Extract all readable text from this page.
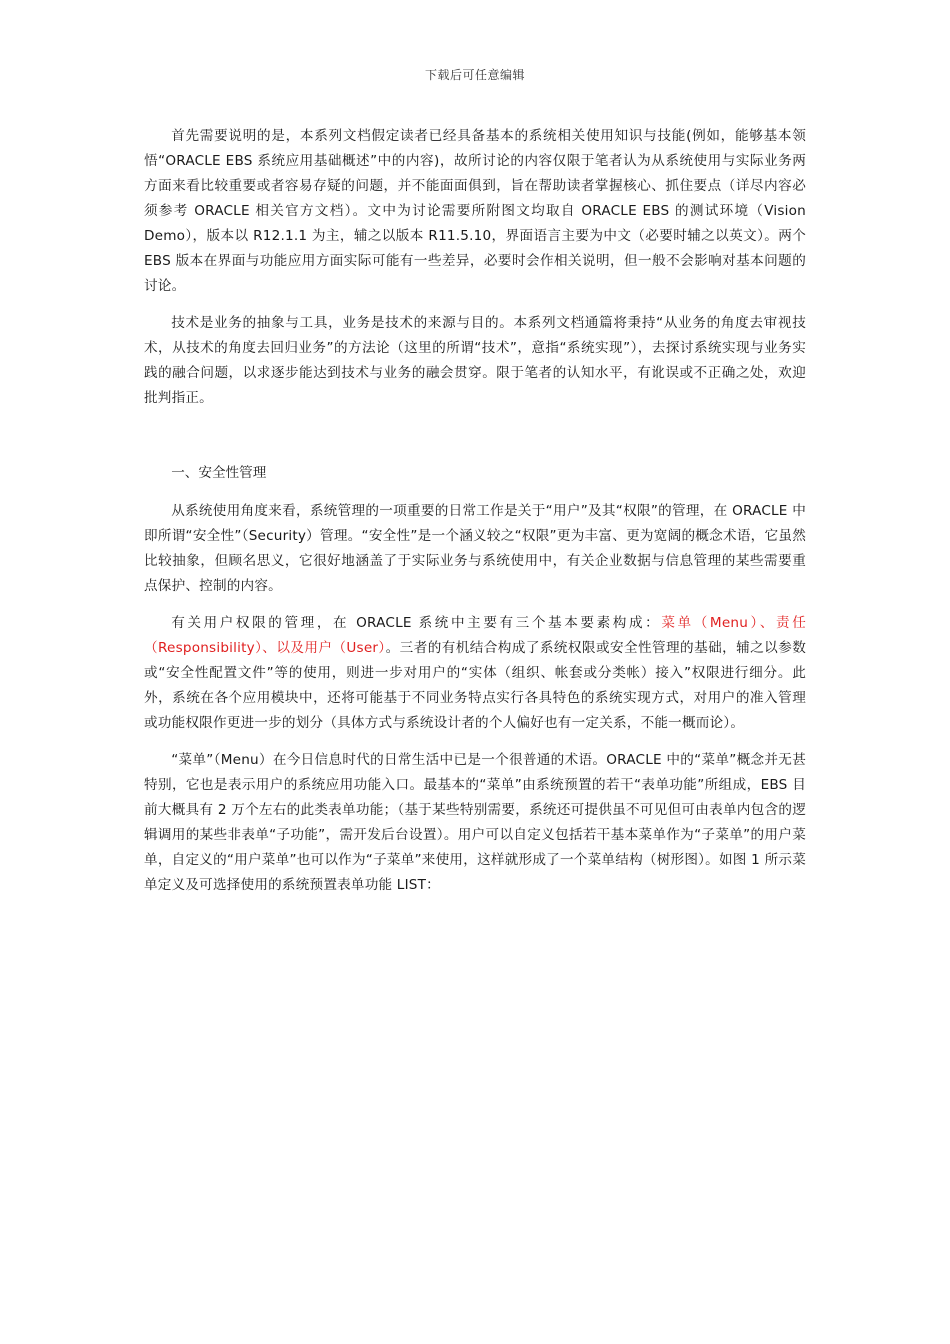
下载后可任意编辑

首先需要说明的是，本系列文档假定读者已经具备基本的系统相关使用知识与技能(例如，能够基本领悟“ORACLE EBS 系统应用基础概述”中的内容)，故所讨论的内容仅限于笔者认为从系统使用与实际业务两方面来看比较重要或者容易存疑的问题，并不能面面俱到，旨在帮助读者掌握核心、抓住要点（详尽内容必须参考 ORACLE 相关官方文档）。文中为讨论需要所附图文均取自 ORACLE EBS 的测试环境（Vision Demo），版本以 R12.1.1 为主，辅之以版本 R11.5.10，界面语言主要为中文（必要时辅之以英文）。两个 EBS 版本在界面与功能应用方面实际可能有一些差异，必要时会作相关说明，但一般不会影响对基本问题的讨论。

技术是业务的抽象与工具，业务是技术的来源与目的。本系列文档通篇将秉持“从业务的角度去审视技术，从技术的角度去回归业务”的方法论（这里的所谓“技术”，意指“系统实现”），去探讨系统实现与业务实践的融合问题，以求逐步能达到技术与业务的融会贯穿。限于笔者的认知水平，有讹误或不正确之处，欢迎批判指正。

一、安全性管理

从系统使用角度来看，系统管理的一项重要的日常工作是关于“用户”及其“权限”的管理，在 ORACLE 中即所谓“安全性”（Security）管理。“安全性”是一个涵义较之“权限”更为丰富、更为宽阔的概念术语，它虽然比较抽象，但顾名思义，它很好地涵盖了于实际业务与系统使用中，有关企业数据与信息管理的某些需要重点保护、控制的内容。

有关用户权限的管理，在 ORACLE 系统中主要有三个基本要素构成：菜单（Menu）、责任（Responsibility）、以及用户（User）。三者的有机结合构成了系统权限或安全性管理的基础，辅之以参数或“安全性配置文件”等的使用，则进一步对用户的“实体（组织、帐套或分类帐）接入”权限进行细分。此外，系统在各个应用模块中，还将可能基于不同业务特点实行各具特色的系统实现方式，对用户的准入管理或功能权限作更进一步的划分（具体方式与系统设计者的个人偏好也有一定关系，不能一概而论）。

“菜单”（Menu）在今日信息时代的日常生活中已是一个很普通的术语。ORACLE 中的“菜单”概念并无甚特别，它也是表示用户的系统应用功能入口。最基本的“菜单”由系统预置的若干“表单功能”所组成，EBS 目前大概具有 2 万个左右的此类表单功能；（基于某些特别需要，系统还可提供虽不可见但可由表单内包含的逻辑调用的某些非表单“子功能”，需开发后台设置）。用户可以自定义包括若干基本菜单作为“子菜单”的用户菜单，自定义的“用户菜单”也可以作为“子菜单”来使用，这样就形成了一个菜单结构（树形图）。如图 1 所示菜单定义及可选择使用的系统预置表单功能 LIST：
